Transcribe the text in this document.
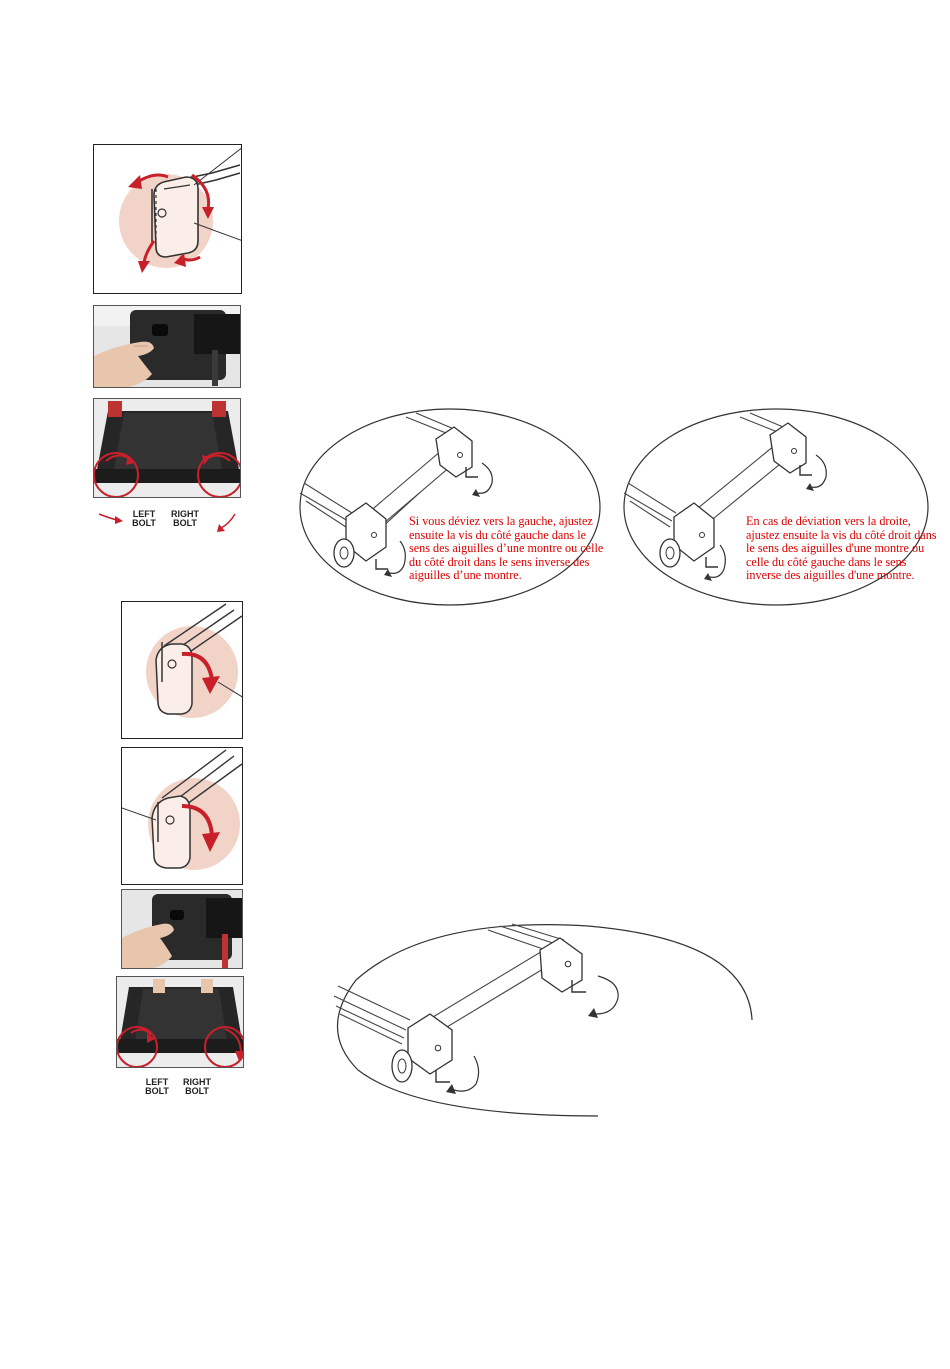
LEFT
BOLT
RIGHT
BOLT	Si vous déviez vers la gauche, ajustez ensuite la vis du côté gauche dans le sens des aiguilles d’une montre ou celle du côté droit dans le sens inverse des aiguilles d’une montre.

En cas de déviation vers la droite, ajustez ensuite la vis du côté droit dans le sens des aiguilles d'une montre ou celle du côté gauche dans le sens inverse des aiguilles d'une montre.

LEFT
BOLT
RIGHT
BOLT
